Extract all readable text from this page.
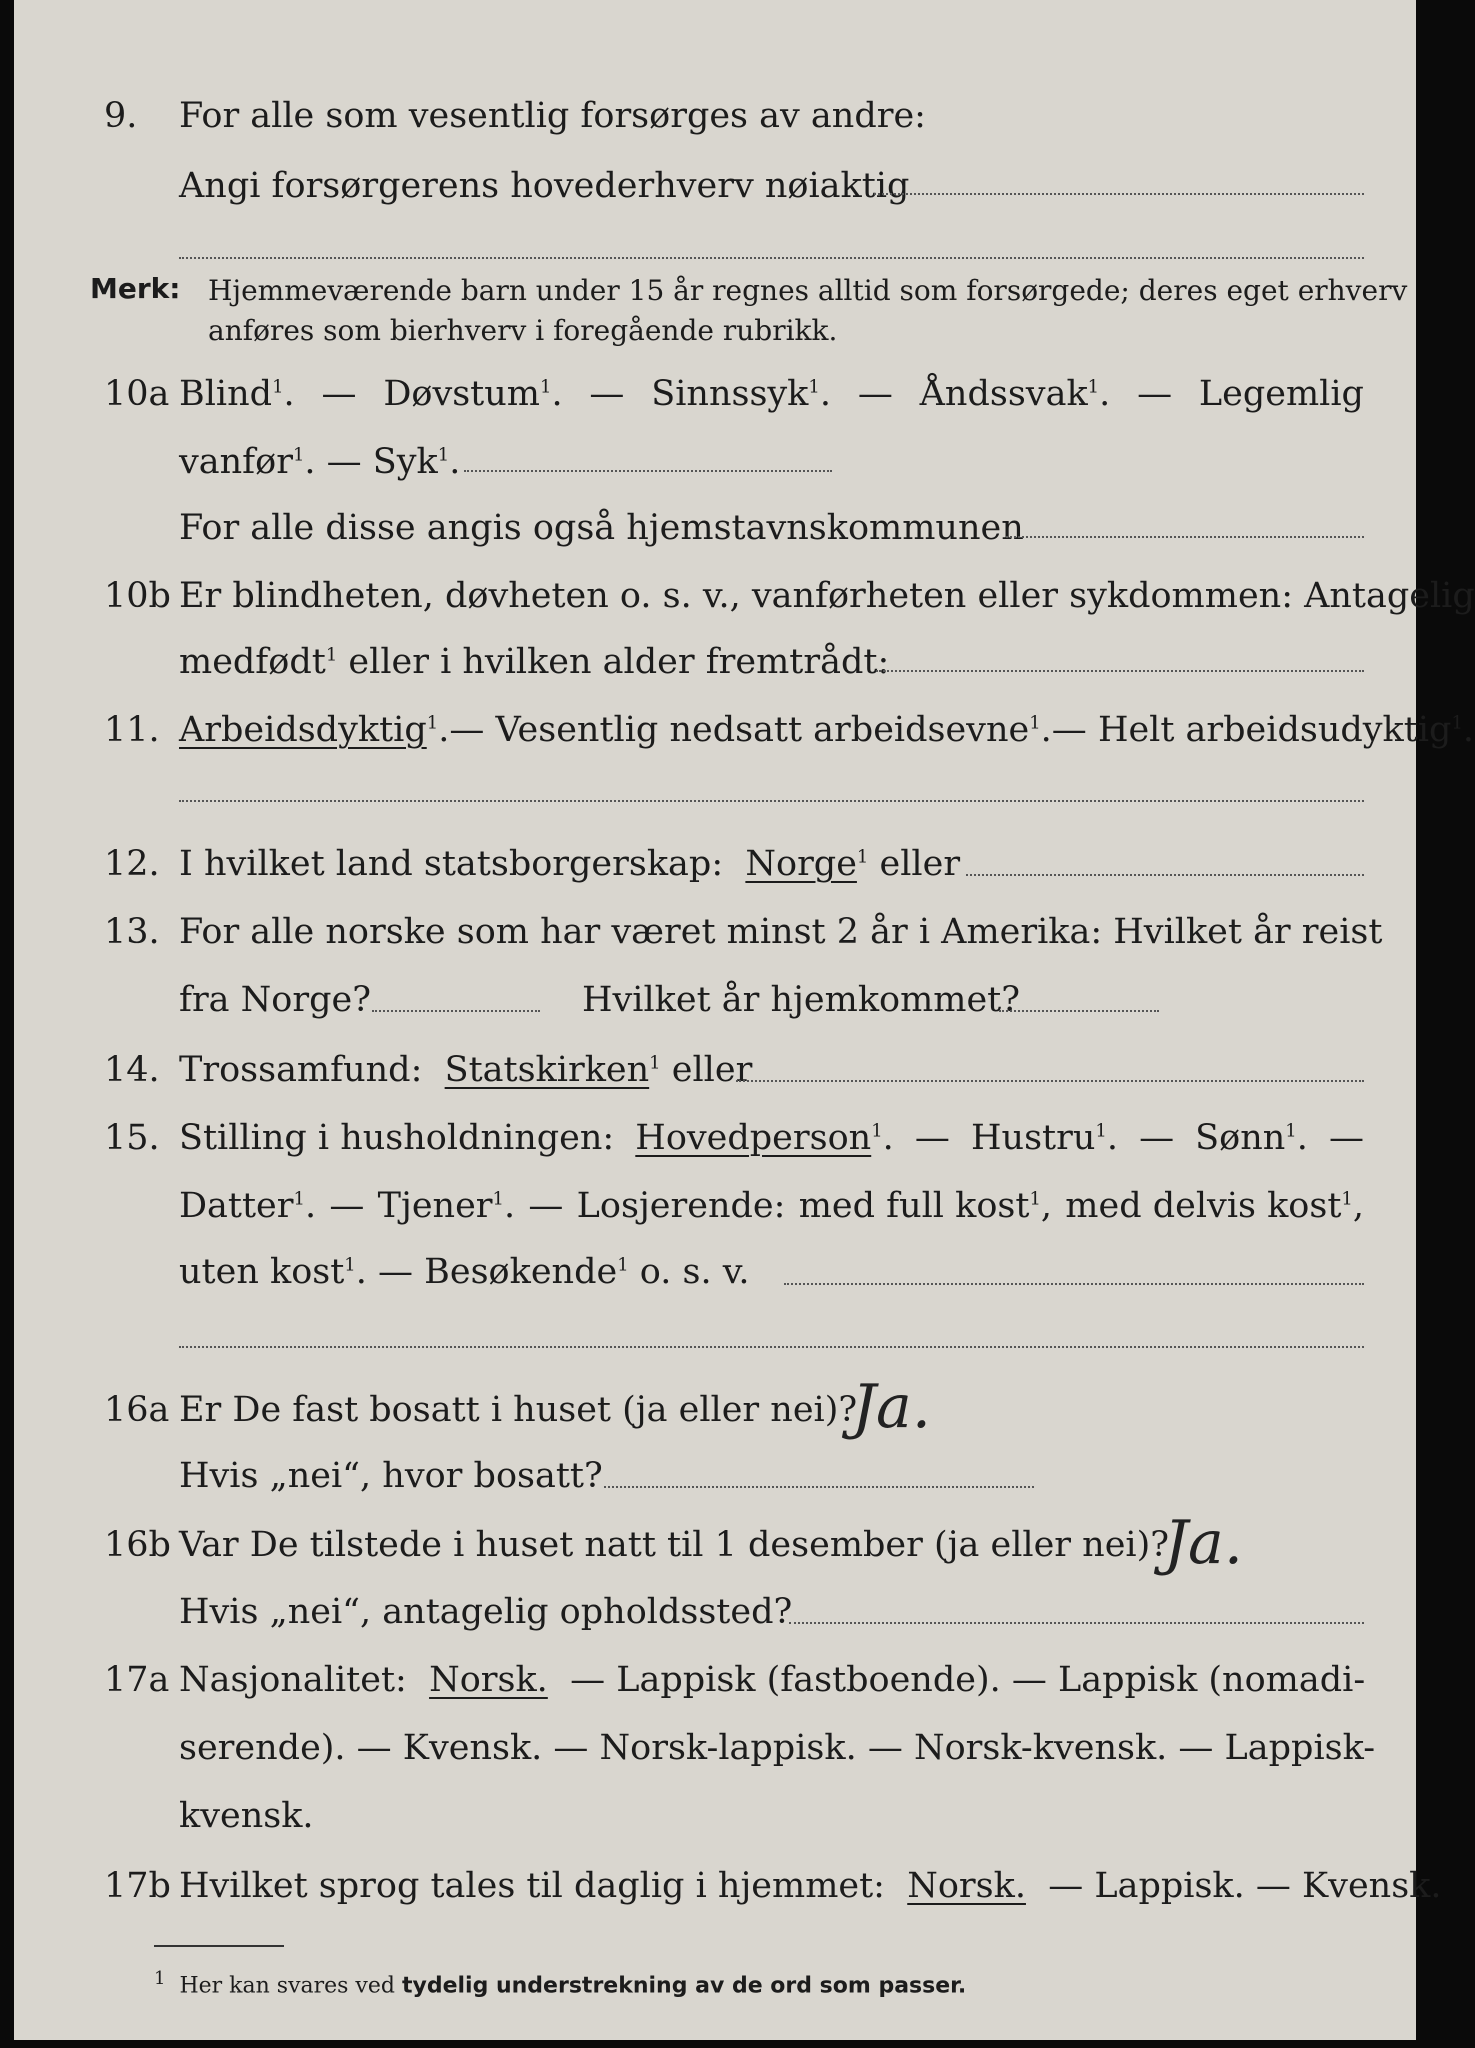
9. For alle som vesentlig forsørges av andre:
Angi forsørgerens hovederhverv nøiaktig
Merk: Hjemmeværende barn under 15 år regnes alltid som forsørgede; deres eget erhverv
anføres som bierhverv i foregående rubrikk.
10a Blind$^1$. — Døvstum$^1$. — Sinnssyk$^1$. — Åndssvak$^1$. — Legemlig
vanfør$^1$. — Syk$^1$.
For alle disse angis også hjemstavnskommunen
10b Er blindheten, døvheten o. s. v., vanførheten eller sykdommen: Antagelig
medfødt$^1$ eller i hvilken alder fremtrådt:
11. Arbeidsdyktig$^1$. — Vesentlig nedsatt arbeidsevne$^1$. — Helt arbeidsudyktig$^1$.
12. I hvilket land statsborgerskap: Norge$^1$ eller
13. For alle norske som har været minst 2 år i Amerika: Hvilket år reist
fra Norge?	Hvilket år hjemkommet?
14. Trossamfund: Statskirken$^1$ eller
15. Stilling i husholdningen: Hovedperson$^1$. — Hustru$^1$. — Sønn$^1$. —
Datter$^1$. — Tjener$^1$. — Losjerende: med full kost$^1$, med delvis kost$^1$,
uten kost$^1$. — Besøkende$^1$ o. s. v.
16a Er De fast bosatt i huset (ja eller nei)?
Ja.
Hvis „nei“, hvor bosatt?
16b Var De tilstede i huset natt til 1 desember (ja eller nei)?
Ja.
Hvis „nei“, antagelig opholdssted?
17a Nasjonalitet: Norsk. — Lappisk (fastboende). — Lappisk (nomadi-
serende). — Kvensk. — Norsk-lappisk. — Norsk-kvensk. — Lappisk-
kvensk.
17b Hvilket sprog tales til daglig i hjemmet: Norsk. — Lappisk. — Kvensk.
$^1$ Her kan svares ved tydelig understrekning av de ord som passer.
